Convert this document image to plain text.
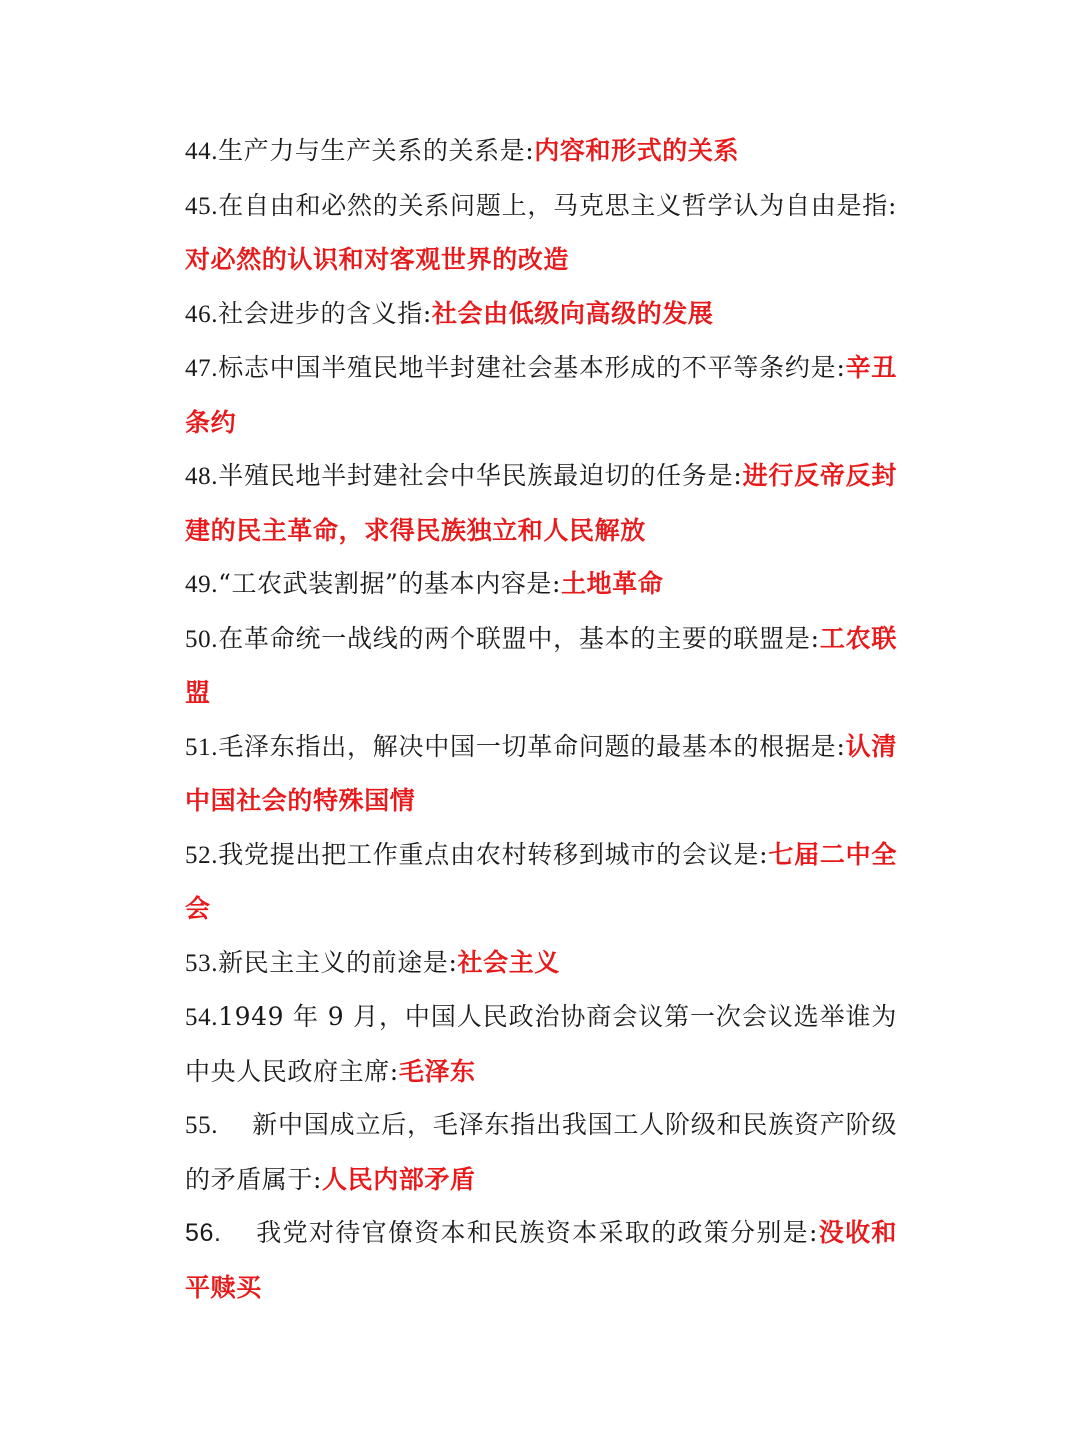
44.生产力与生产关系的关系是:内容和形式的关系

45.在自由和必然的关系问题上，马克思主义哲学认为自由是指:对必然的认识和对客观世界的改造

46.社会进步的含义指:社会由低级向高级的发展

47.标志中国半殖民地半封建社会基本形成的不平等条约是:辛丑条约

48.半殖民地半封建社会中华民族最迫切的任务是:进行反帝反封建的民主革命，求得民族独立和人民解放

49.“工农武装割据”的基本内容是:土地革命

50.在革命统一战线的两个联盟中，基本的主要的联盟是:工农联盟

51.毛泽东指出，解决中国一切革命问题的最基本的根据是:认清中国社会的特殊国情

52.我党提出把工作重点由农村转移到城市的会议是:七届二中全会

53.新民主主义的前途是:社会主义

54.1949 年 9 月，中国人民政治协商会议第一次会议选举谁为中央人民政府主席:毛泽东

55. 新中国成立后，毛泽东指出我国工人阶级和民族资产阶级的矛盾属于:人民内部矛盾

56. 我党对待官僚资本和民族资本采取的政策分别是:没收和平赎买
